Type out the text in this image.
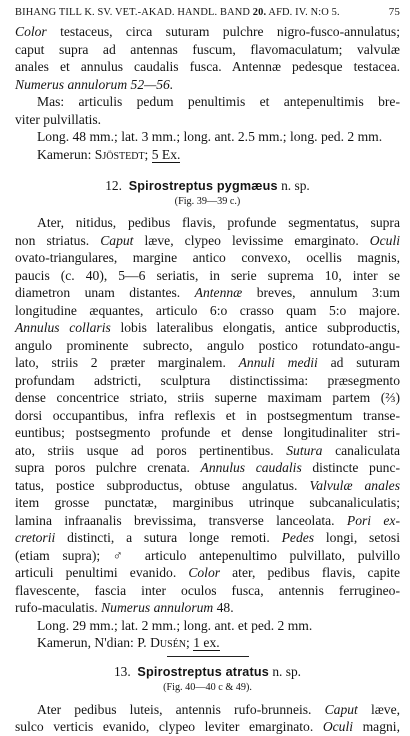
BIHANG TILL K. SV. VET.-AKAD. HANDL. BAND 20. AFD. IV. N:O 5.	75
Color testaceus, circa suturam pulchre nigro-fusco-annulatus;
caput supra ad antennas fuscum, flavomaculatum; valvulæ
anales et annulus caudalis fusca. Antennæ pedesque testacea.
Numerus annulorum 52—56.
Mas: articulis pedum penultimis et antepenultimis bre-
viter pulvillatis.
Long. 48 mm.; lat. 3 mm.; long. ant. 2.5 mm.; long. ped. 2 mm.
Kamerun: Sjöstedt; 5 Ex.
12. Spirostreptus pygmæus n. sp.
(Fig. 39—39 c.)
Ater, nitidus, pedibus flavis, profunde segmentatus, supra
non striatus. Caput læve, clypeo levissime emarginato. Oculi
ovato-triangulares, margine antico convexo, ocellis magnis,
paucis (c. 40), 5—6 seriatis, in serie suprema 10, inter se
diametron unam distantes. Antennæ breves, annulum 3:um
longitudine æquantes, articulo 6:o crasso quam 5:o majore.
Annulus collaris lobis lateralibus elongatis, antice subproductis,
angulo prominente subrecto, angulo postico rotundato-angu-
lato, striis 2 præter marginalem. Annuli medii ad suturam
profundam adstricti, sculptura distinctissima: præsegmento
dense concentrice striato, striis superne maximam partem (⅔)
dorsi occupantibus, infra reflexis et in postsegmentum transe-
euntibus; postsegmento profunde et dense longitudinaliter stri-
ato, striis usque ad poros pertinentibus. Sutura canaliculata
supra poros pulchre crenata. Annulus caudalis distincte punc-
tatus, postice subproductus, obtuse angulatus. Valvulæ anales
item grosse punctatæ, marginibus utrinque subcanaliculatis;
lamina infraanalis brevissima, transverse lanceolata. Pori ex-
cretorii distincti, a sutura longe remoti. Pedes longi, setosi
(etiam supra); ♂ articulo antepenultimo pulvillato, pulvillo
articuli penultimi evanido. Color ater, pedibus flavis, capite
flavescente, fascia inter oculos fusca, antennis ferrugineo-
rufo-maculatis. Numerus annulorum 48.
Long. 29 mm.; lat. 2 mm.; long. ant. et ped. 2 mm.
Kamerun, N'dian: P. Dusén; 1 ex.
13. Spirostreptus atratus n. sp.
(Fig. 40—40 c & 49).
Ater pedibus luteis, antennis rufo-brunneis. Caput læve,
sulco verticis evanido, clypeo leviter emarginato. Oculi magni,
